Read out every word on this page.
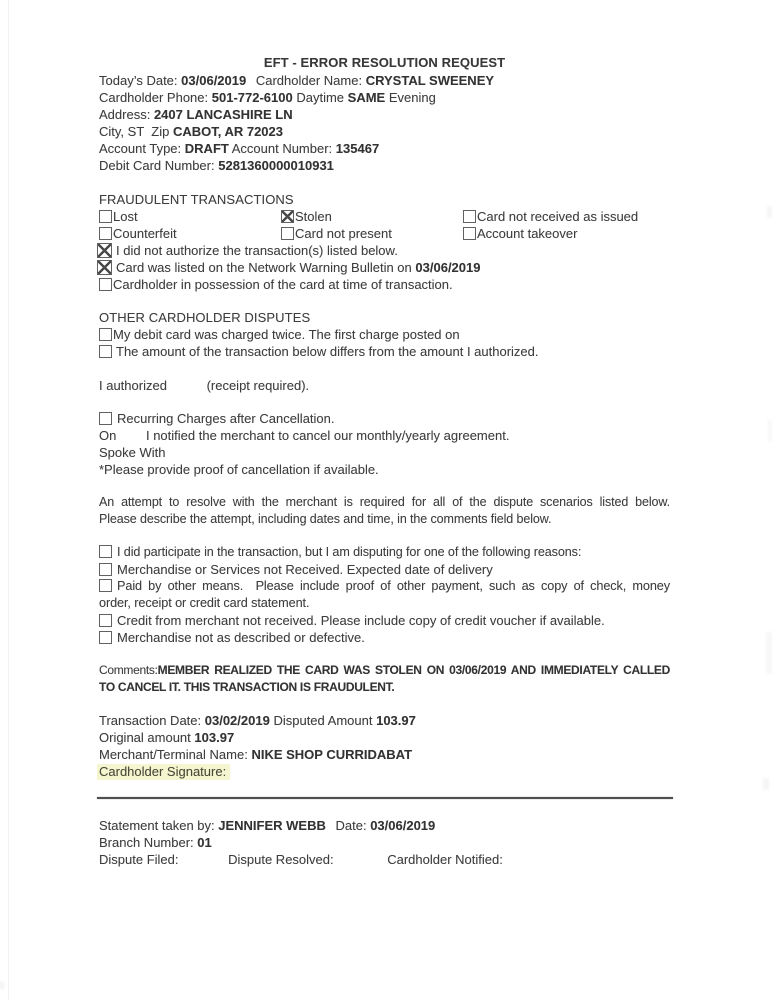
EFT - ERROR RESOLUTION REQUEST
Today’s Date: 03/06/2019 Cardholder Name: CRYSTAL SWEENEY
Cardholder Phone: 501-772-6100 Daytime SAME Evening
Address: 2407 LANCASHIRE LN
City, ST  Zip CABOT, AR 72023
Account Type: DRAFT Account Number: 135467
Debit Card Number: 5281360000010931
FRAUDULENT TRANSACTIONS
Lost	Stolen	Card not received as issued
Counterfeit	Card not present	Account takeover
I did not authorize the transaction(s) listed below.
Card was listed on the Network Warning Bulletin on 03/06/2019
Cardholder in possession of the card at time of transaction.
OTHER CARDHOLDER DISPUTES
My debit card was charged twice. The first charge posted on
The amount of the transaction below differs from the amount I authorized.
I authorized	(receipt required).
Recurring Charges after Cancellation.
On I notified the merchant to cancel our monthly/yearly agreement.
Spoke With
*Please provide proof of cancellation if available.
An attempt to resolve with the merchant is required for all of the dispute scenarios listed below.
Please describe the attempt, including dates and time, in the comments field below.
I did participate in the transaction, but I am disputing for one of the following reasons:
Merchandise or Services not Received. Expected date of delivery
Paid by other means.  Please include proof of other payment, such as copy of check, money
order, receipt or credit card statement.
Credit from merchant not received. Please include copy of credit voucher if available.
Merchandise not as described or defective.
Comments:MEMBER REALIZED THE CARD WAS STOLEN ON 03/06/2019 AND IMMEDIATELY CALLED
TO CANCEL IT. THIS TRANSACTION IS FRAUDULENT.
Transaction Date: 03/02/2019 Disputed Amount 103.97
Original amount 103.97
Merchant/Terminal Name: NIKE SHOP CURRIDABAT
Cardholder Signature:
Statement taken by: JENNIFER WEBB Date: 03/06/2019
Branch Number: 01
Dispute Filed:	Dispute Resolved:	Cardholder Notified:
